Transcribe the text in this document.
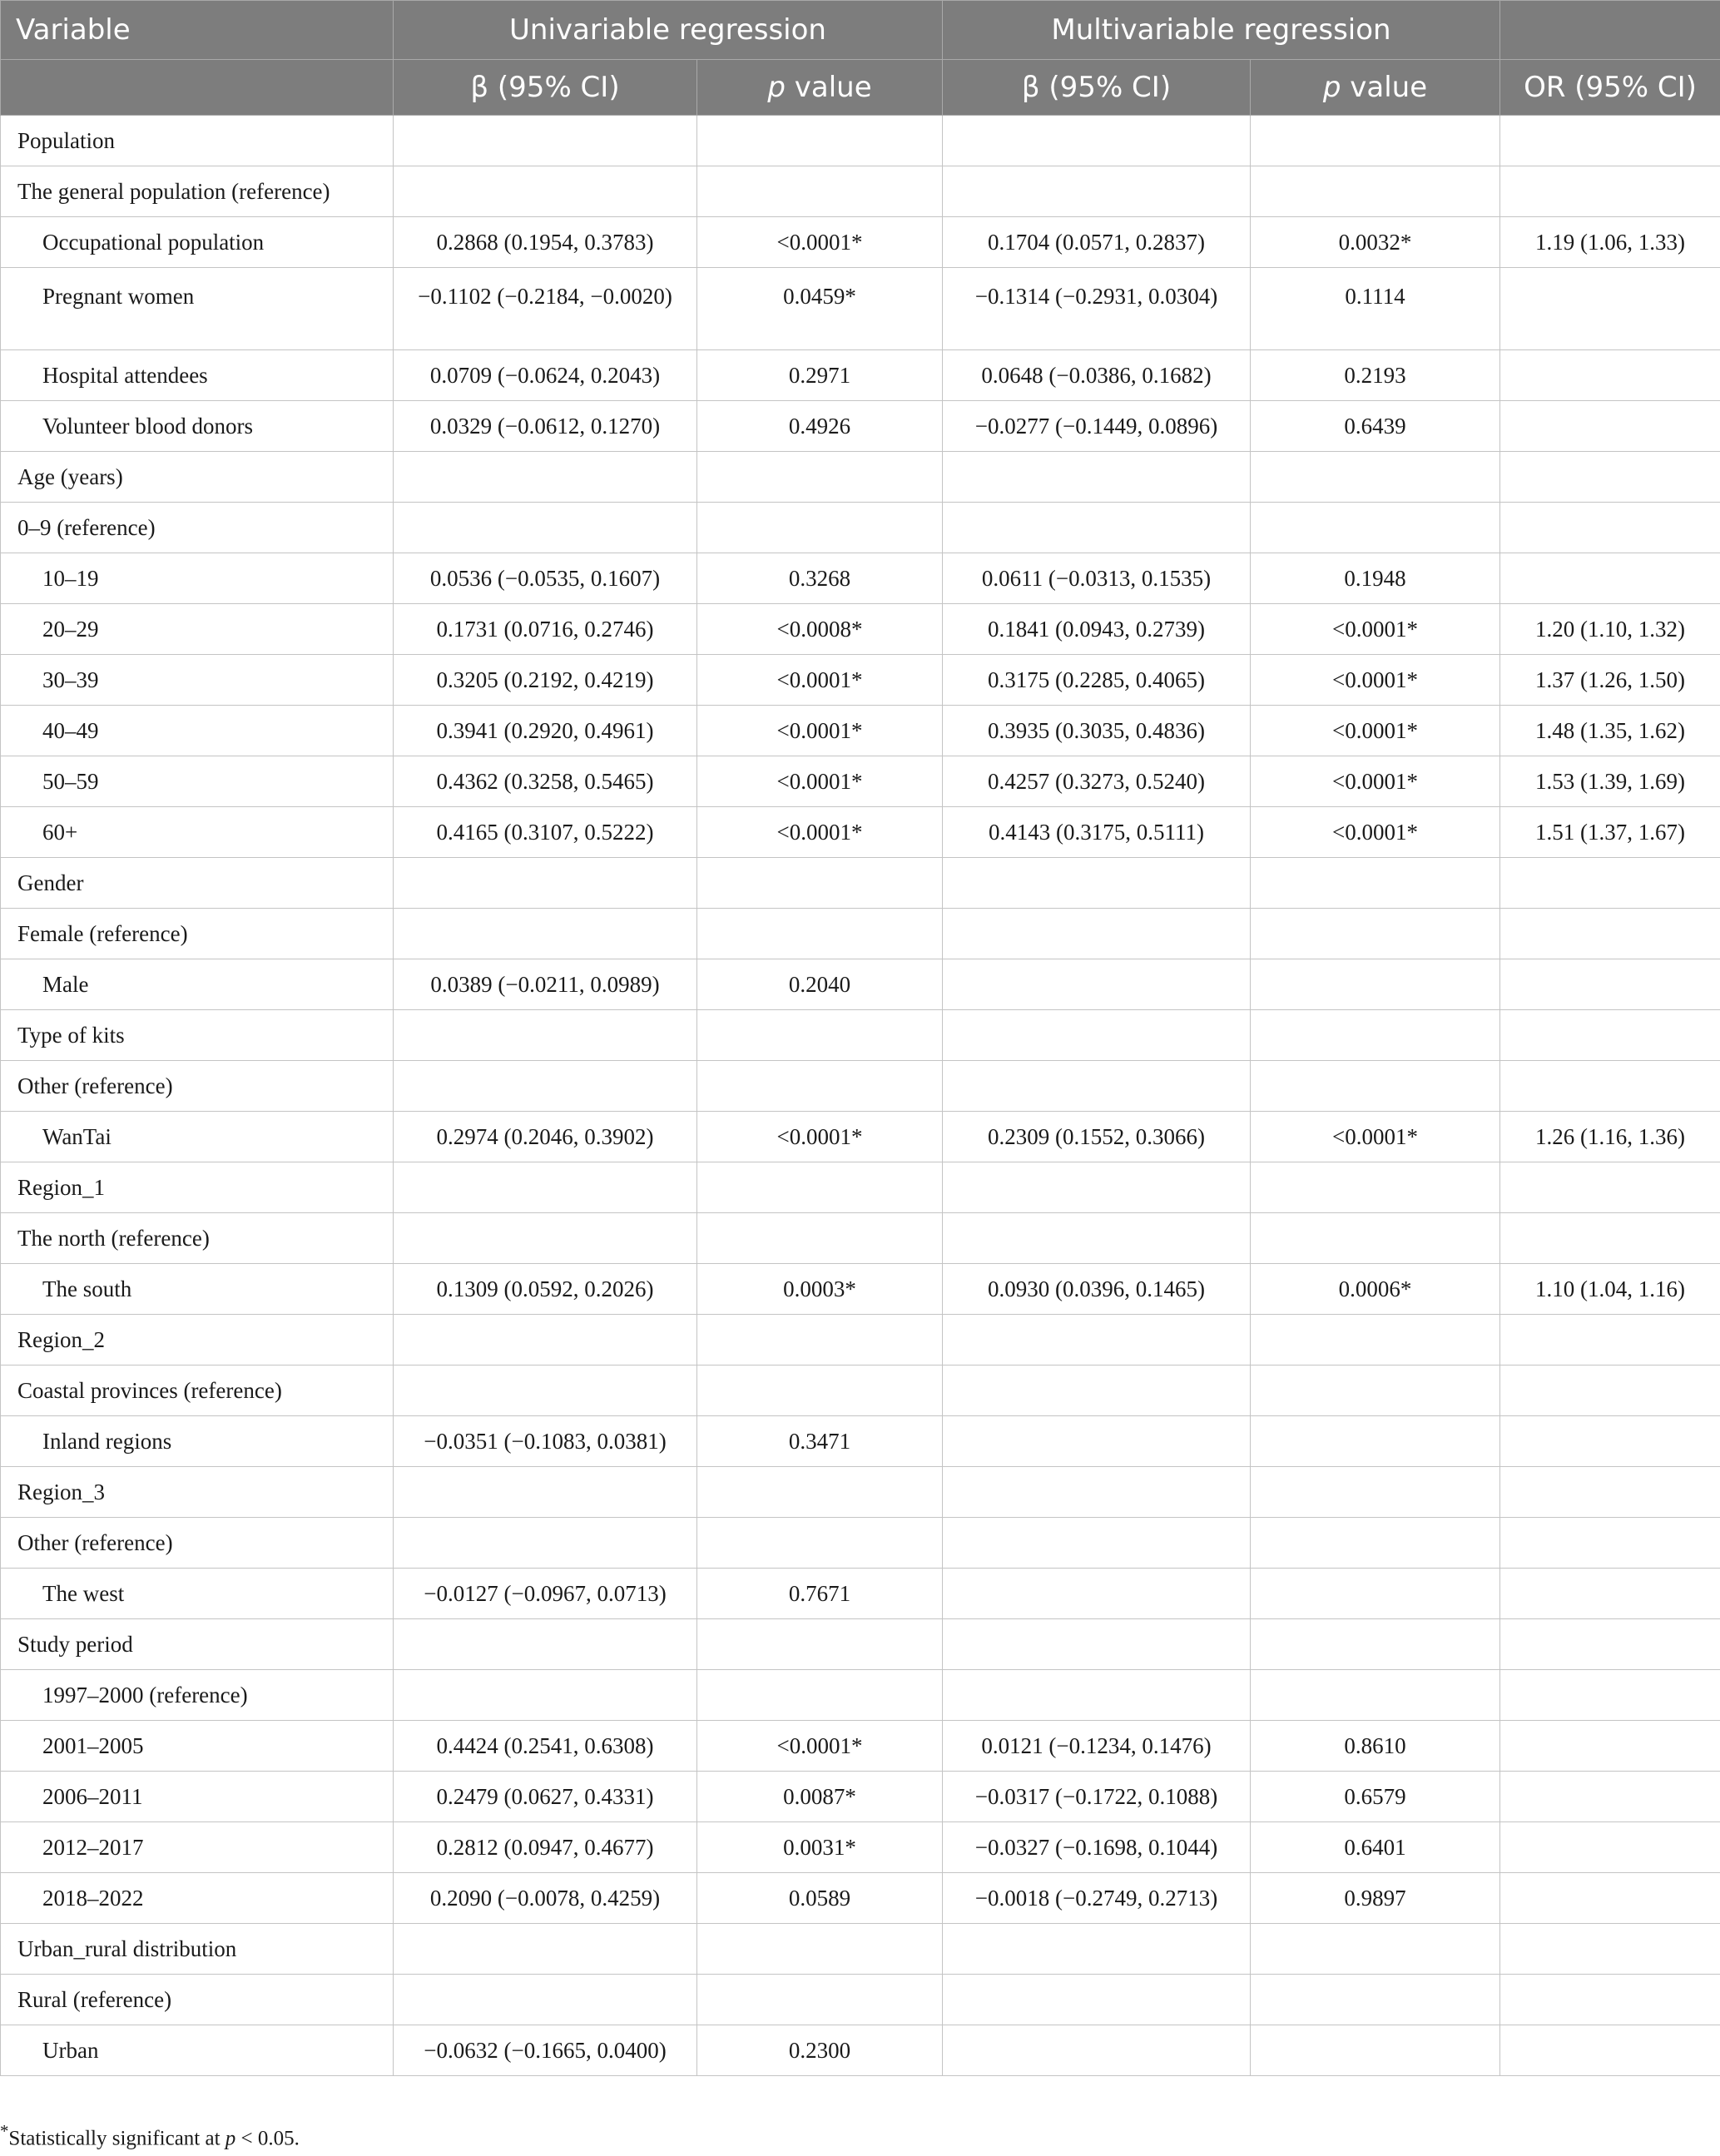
Variable	Univariable regression		Multivariable regression		
	β (95% CI)	p value	β (95% CI)	p value	OR (95% CI)
Population					
The general population (reference)					
Occupational population	0.2868 (0.1954, 0.3783)	<0.0001*	0.1704 (0.0571, 0.2837)	0.0032*	1.19 (1.06, 1.33)
Pregnant women	−0.1102 (−0.2184, −0.0020)	0.0459*	−0.1314 (−0.2931, 0.0304)	0.1114	
Hospital attendees	0.0709 (−0.0624, 0.2043)	0.2971	0.0648 (−0.0386, 0.1682)	0.2193	
Volunteer blood donors	0.0329 (−0.0612, 0.1270)	0.4926	−0.0277 (−0.1449, 0.0896)	0.6439	
Age (years)					
0–9 (reference)					
10–19	0.0536 (−0.0535, 0.1607)	0.3268	0.0611 (−0.0313, 0.1535)	0.1948	
20–29	0.1731 (0.0716, 0.2746)	<0.0008*	0.1841 (0.0943, 0.2739)	<0.0001*	1.20 (1.10, 1.32)
30–39	0.3205 (0.2192, 0.4219)	<0.0001*	0.3175 (0.2285, 0.4065)	<0.0001*	1.37 (1.26, 1.50)
40–49	0.3941 (0.2920, 0.4961)	<0.0001*	0.3935 (0.3035, 0.4836)	<0.0001*	1.48 (1.35, 1.62)
50–59	0.4362 (0.3258, 0.5465)	<0.0001*	0.4257 (0.3273, 0.5240)	<0.0001*	1.53 (1.39, 1.69)
60+	0.4165 (0.3107, 0.5222)	<0.0001*	0.4143 (0.3175, 0.5111)	<0.0001*	1.51 (1.37, 1.67)
Gender					
Female (reference)					
Male	0.0389 (−0.0211, 0.0989)	0.2040			
Type of kits					
Other (reference)					
WanTai	0.2974 (0.2046, 0.3902)	<0.0001*	0.2309 (0.1552, 0.3066)	<0.0001*	1.26 (1.16, 1.36)
Region_1					
The north (reference)					
The south	0.1309 (0.0592, 0.2026)	0.0003*	0.0930 (0.0396, 0.1465)	0.0006*	1.10 (1.04, 1.16)
Region_2					
Coastal provinces (reference)					
Inland regions	−0.0351 (−0.1083, 0.0381)	0.3471			
Region_3					
Other (reference)					
The west	−0.0127 (−0.0967, 0.0713)	0.7671			
Study period					
1997–2000 (reference)					
2001–2005	0.4424 (0.2541, 0.6308)	<0.0001*	0.0121 (−0.1234, 0.1476)	0.8610	
2006–2011	0.2479 (0.0627, 0.4331)	0.0087*	−0.0317 (−0.1722, 0.1088)	0.6579	
2012–2017	0.2812 (0.0947, 0.4677)	0.0031*	−0.0327 (−0.1698, 0.1044)	0.6401	
2018–2022	0.2090 (−0.0078, 0.4259)	0.0589	−0.0018 (−0.2749, 0.2713)	0.9897	
Urban_rural distribution					
Rural (reference)					
Urban	−0.0632 (−0.1665, 0.0400)	0.2300			
*Statistically significant at p < 0.05.
